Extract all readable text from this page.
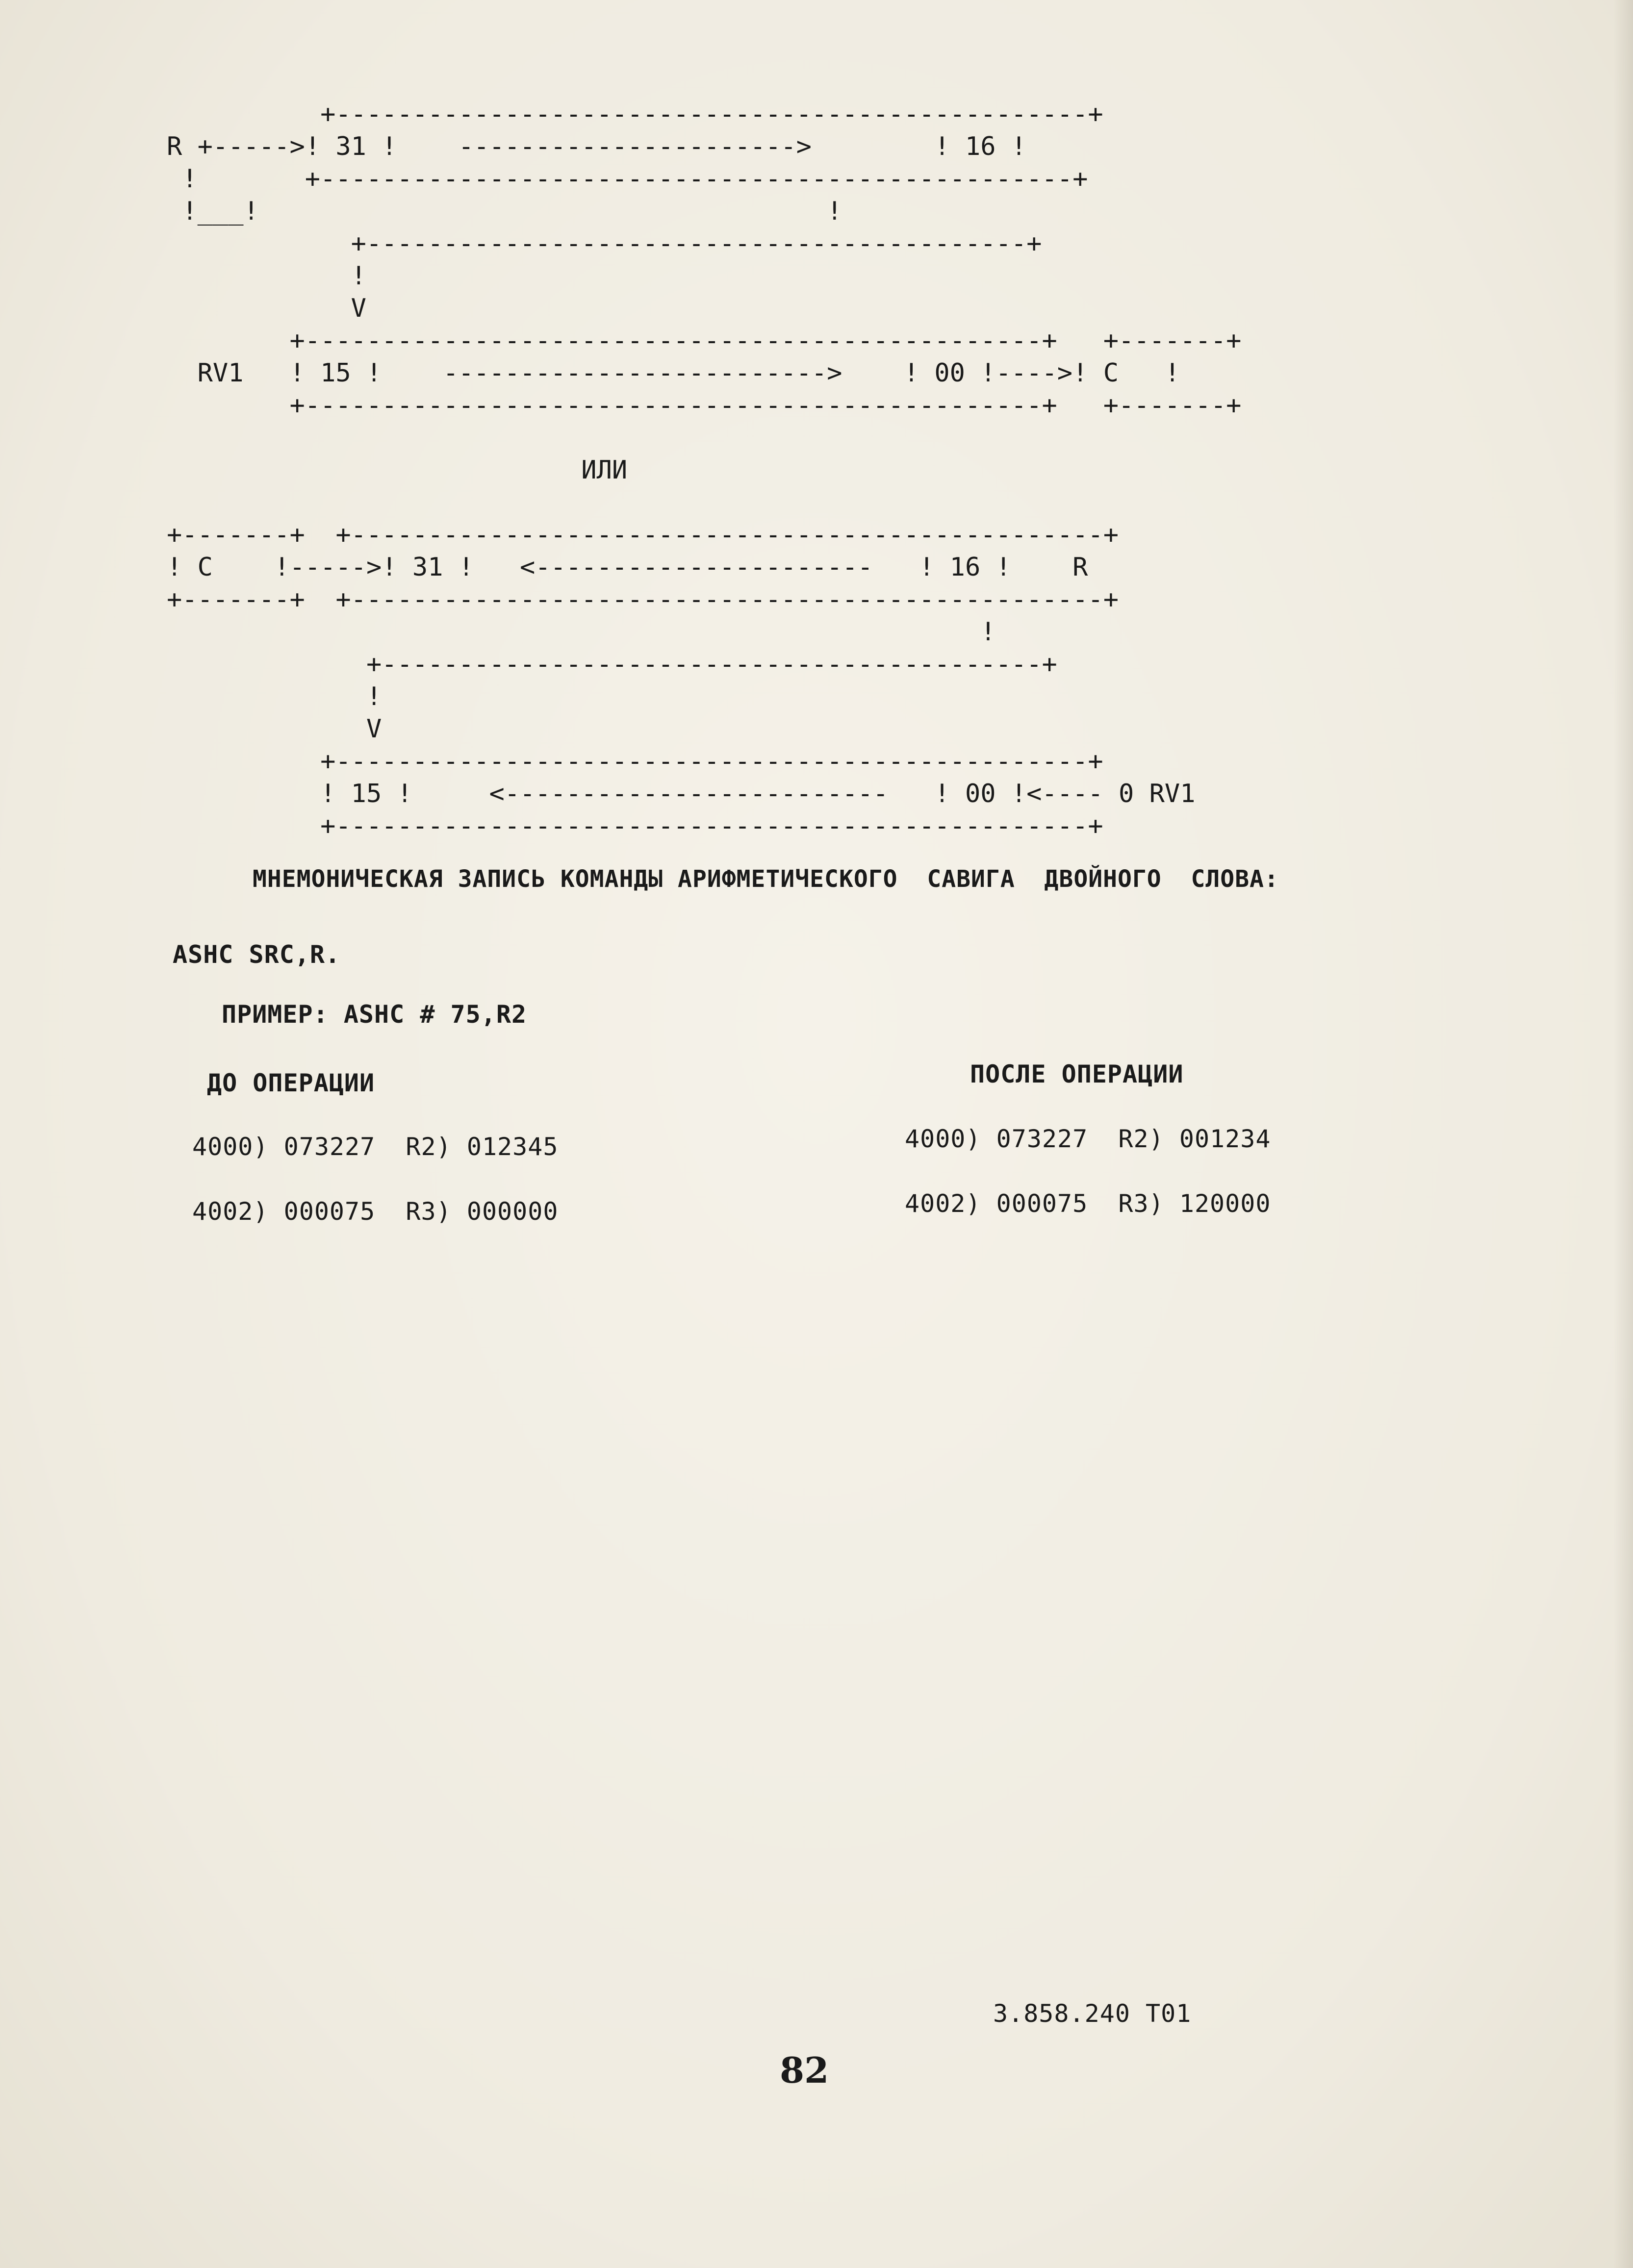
+-------------------------------------------------+
R +----->! 31 !    ---------------------->        ! 16 !
!       +-------------------------------------------------+
!___!                                     !
+-------------------------------------------+
!
V
+------------------------------------------------+   +-------+
RV1   ! 15 !    ------------------------->    ! 00 !---->! C   !
+------------------------------------------------+   +-------+
ИЛИ
+-------+  +-------------------------------------------------+
! C    !----->! 31 !   <----------------------   ! 16 !    R
+-------+  +-------------------------------------------------+
!
+-------------------------------------------+
!
V
+-------------------------------------------------+
! 15 !     <-------------------------   ! 00 !<---- 0 RV1
+-------------------------------------------------+
МНЕМОНИЧЕСКАЯ ЗАПИСЬ КОМАНДЫ АРИФМЕТИЧЕСКОГО  САВИГА  ДВОЙНОГО  СЛОВА:
ASHC SRC,R.
ПРИМЕР: ASHC # 75,R2
ДО ОПЕРАЦИИ
4000) 073227  R2) 012345
4002) 000075  R3) 000000
ПОСЛЕ ОПЕРАЦИИ
4000) 073227  R2) 001234
4002) 000075  R3) 120000
3.858.240 T01
82
